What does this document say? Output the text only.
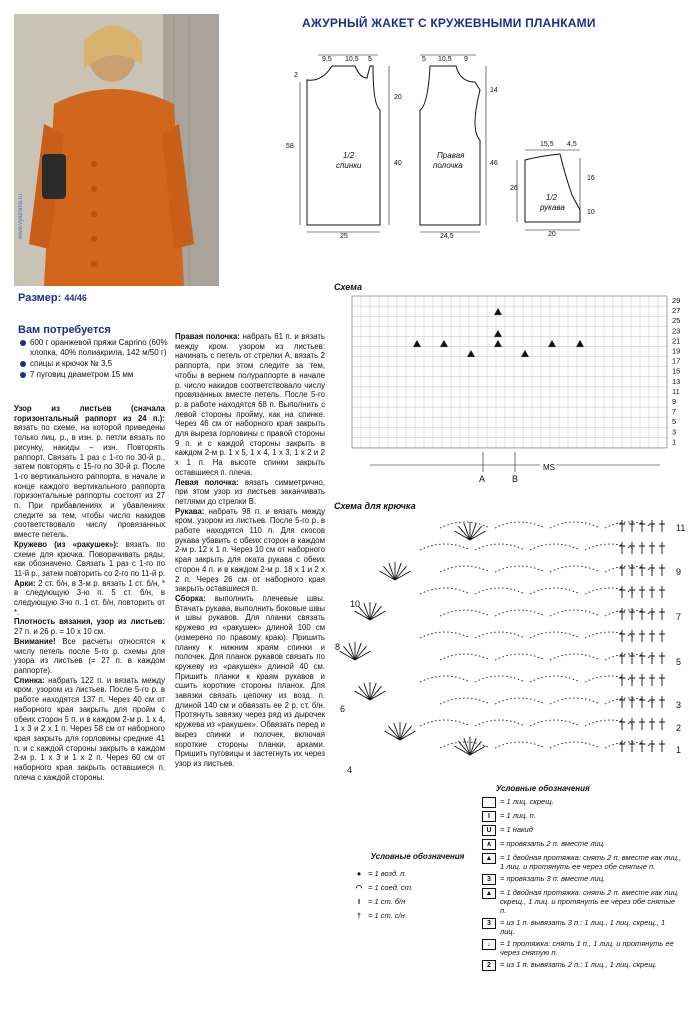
www.vyazanie.ru
АЖУРНЫЙ ЖАКЕТ С КРУЖЕВНЫМИ ПЛАНКАМИ
9,5 10,5 5
2
58
20
40
25
1/2
спинки
5 10,5 9
14
46
24,5
Правая
полочка
15,5 4,5
26
16
10
20
1/2
рукава
A	B
MS
29
27
25
23
21
19
17
15
13
11
9
7
5
3
1
11
10
9
8
7
6
5
4
3
2
1
Схема
Схема для крючка
Размер: 44/46
Вам потребуется
600 г оранжевой пряжи Caprino (60% хлопка, 40% полиакрила, 142 м/50 г)
спицы и крючок № 3,5
7 пуговиц диаметром 15 мм

Узор из листьев (сначала горизонтальный раппорт из 24 п.): вязать по схеме, на которой приведены только лиц. р., в изн. р. петли вязать по рисунку, накиды – изн. Повторять раппорт. Связать 1 раз с 1-го по 30-й р., затем повторять с 15-го по 30-й р. После 1-го вертикального раппорта, в начале и конце каждого вертикального раппорта горизонтальные раппорты состоят из 27 п. При прибавлениях и убавлениях следите за тем, чтобы число накидов соответствовало числу провязанных вместе петель.

Кружево (из «ракушек»): вязать по схеме для крючка. Поворачивать ряды, как обозначено. Связать 1 раз с 1-го по 11-й р., затем повторить со 2-го по 11-й р.

Арки: 2 ст. б/н, в 3-м р. вязать 1 ст. б/н, * в следующую 3-ю п. 5 ст. б/н, в следующую 3-ю п. 1 ст. б/н, повторить от *.

Плотность вязания, узор из листьев: 27 п. и 26 р. = 10 х 10 см.

Внимание! Все расчеты относятся к числу петель после 5-го р. схемы для узора из листьев (= 27 п. в каждом раппорте).

Спинка: набрать 122 п. и вязать между кром. узором из листьев. После 5-го р. в работе находятся 137 п. Через 40 см от наборного края закрыть для пройм с обеих сторон 5 п. и в каждом 2-м р. 1 х 4, 1 х 3 и 2 х 1 п. Через 58 см от наборного края закрыть для горловины средние 41 п. и с каждой стороны закрыть в каждом 2-м р. 1 х 3 и 1 х 2 п. Через 60 см от наборного края закрыть оставшиеся п. плеча с каждой стороны.

Правая полочка: набрать 61 п. и вязать между кром. узором из листьев: начинать с петель от стрелки А, вязать 2 раппорта, при этом следите за тем, чтобы в вернем полураппорте в начале р. число накидов соответствовало числу провязанных вместе петель. После 5-го р. в работе находятся 68 п. Выполнить с левой стороны пройму, как на спинке. Через 46 см от наборного края закрыть для выреза горловины с правой стороны 9 п. и с каждой стороны закрыть в каждом 2-м р. 1 х 5, 1 х 4, 1 х 3, 1 х 2 и 2 х 1 п. На высоте спинки закрыть оставшиеся п. плеча.

Левая полочка: вязать симметрично, при этом узор из листьев заканчивать петлями до стрелки В.

Рукава: набрать 98 п. и вязать между кром. узором из листьев. После 5-го р. в работе находятся 110 п. Для скосов рукава убавить с обеих сторон в каждом 2-м р. 12 х 1 п. Через 10 см от наборного края закрыть для оката рукава с обеих сторон 4 п. и в каждом 2-м р. 18 х 1 и 2 х 2 п. Через 26 см от наборного края закрыть оставшиеся п.

Сборка: выполнить плечевые швы. Втачать рукава, выполнить боковые швы и швы рукавов. Для планки связать кружево из «ракушек» длиной 100 см (измерено по правому краю). Пришить планку к нижним краям спинки и полочек. Для планок рукавов связать по кружеву из «ракушек» длиной 40 см. Пришить планки к краям рукавов и сшить короткие стороны планок. Для завязки связать цепочку из возд. п. длиной 140 см и обвязать ее 2 р. ст. б/н. Протянуть завязку через ряд из дырочек кружева из «ракушек». Обвязать перед и вырез спинки и полочек, включая короткие стороны планки, арками. Пришить пуговицы и застегнуть их через узор из листьев.

Условные обозначения
● = 1 возд. п.
◠ = 1 соед. ст.
I	= 1 ст. б/н
† = 1 ст. с/н
Условные обозначения
= 1 лиц. скрещ.
I	= 1 лиц. п.
U	= 1 накид
∧	= провязать 2 п. вместе лиц.
▲	= 1 двойная протяжка: снять 2 п. вместе как лиц., 1 лиц. и протянуть ее через обе снятые п.
3	= провязать 3 п. вместе лиц.
▲	= 1 двойная протяжка: снять 2 п. вместе как лиц. скрещ., 1 лиц. и протянуть ее через обе снятые п.
3	= из 1 п. вывязать 3 п.: 1 лиц., 1 лиц. скрещ., 1 лиц.
↓	= 1 протяжка: снять 1 п., 1 лиц. и протянуть ее через снятую п.
2	= из 1 п. вывязать 2 п.: 1 лиц., 1 лиц. скрещ.
